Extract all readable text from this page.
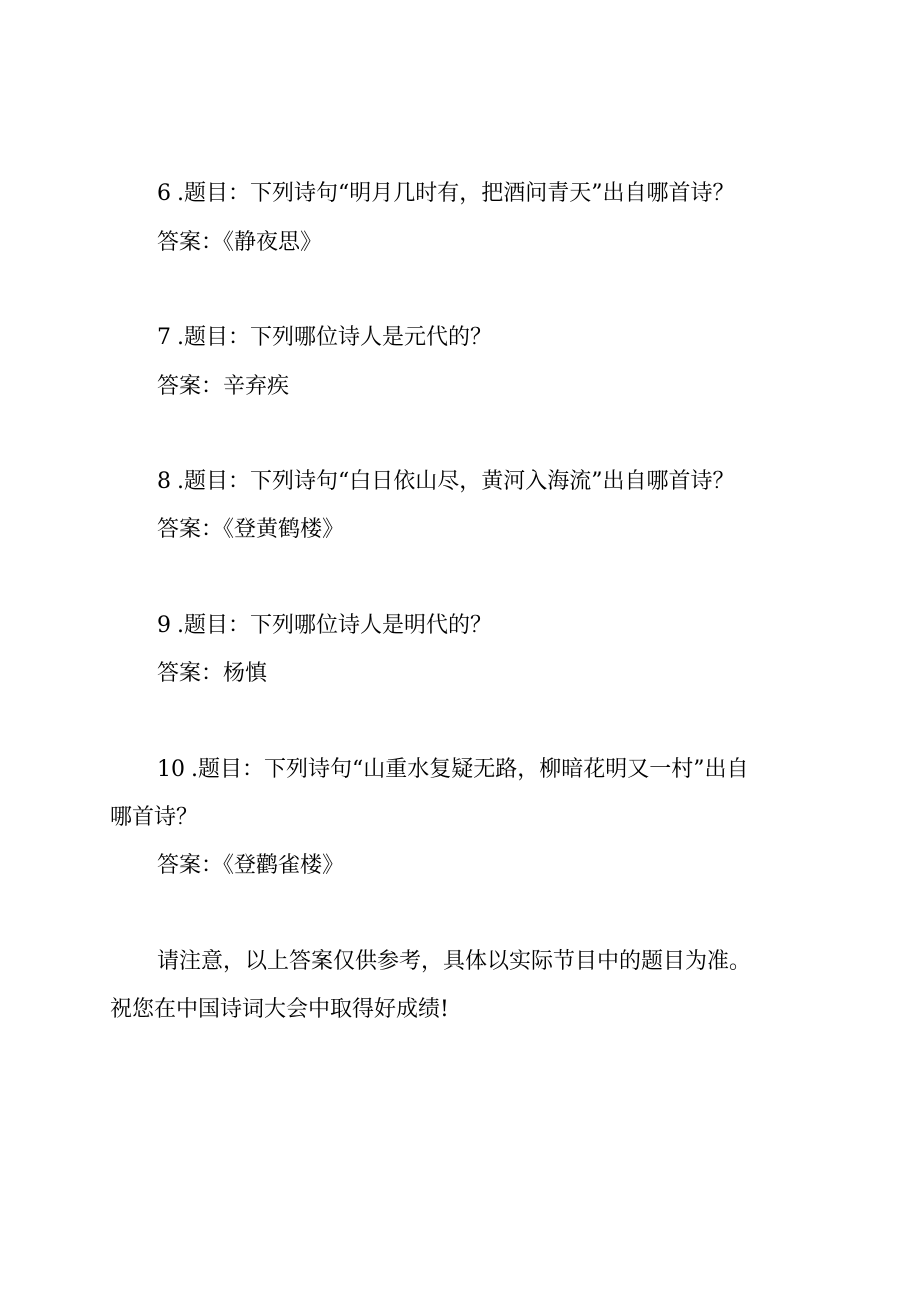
6 .题目：下列诗句“明月几时有，把酒问青天”出自哪首诗？
答案：《静夜思》
7 .题目：下列哪位诗人是元代的？
答案：辛弃疾
8 .题目：下列诗句“白日依山尽，黄河入海流”出自哪首诗？
答案：《登黄鹤楼》
9 .题目：下列哪位诗人是明代的？
答案：杨慎
10 .题目：下列诗句“山重水复疑无路，柳暗花明又一村”出自
哪首诗？
答案：《登鹳雀楼》
请注意，以上答案仅供参考，具体以实际节目中的题目为准。
祝您在中国诗词大会中取得好成绩!
